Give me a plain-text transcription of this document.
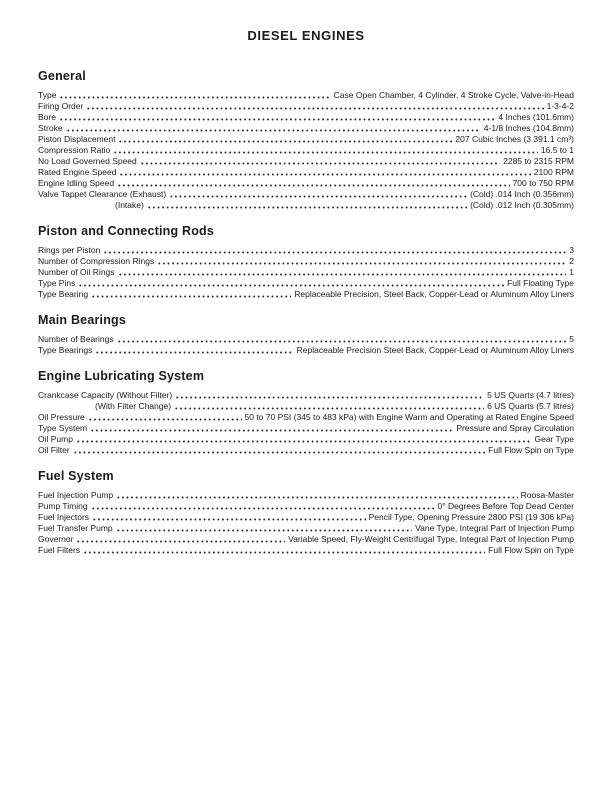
DIESEL ENGINES
General
Type	Case Open Chamber, 4 Cylinder, 4 Stroke Cycle, Valve-in-Head
Firing Order	1-3-4-2
Bore	4 Inches (101.6mm)
Stroke	4-1/8 Inches (104.8mm)
Piston Displacement	207 Cubic Inches (3 391.1 cm³)
Compression Ratio	16.5 to 1
No Load Governed Speed	2285 to 2315 RPM
Rated Engine Speed	2100 RPM
Engine Idling Speed	700 to 750 RPM
Valve Tappet Clearance (Exhaust)	(Cold) .014 Inch (0.356mm)
(Intake)	(Cold) .012 Inch (0.305mm)
Piston and Connecting Rods
Rings per Piston	3
Number of Compression Rings	2
Number of Oil Rings	1
Type Pins	Full Floating Type
Type Bearing	Replaceable Precision, Steel Back, Copper-Lead or Aluminum Alloy Liners
Main Bearings
Number of Bearings	5
Type Bearings	Replaceable Precision Steel Back, Copper-Lead or Aluminum Alloy Liners
Engine Lubricating System
Crankcase Capacity (Without Filter)	5 US Quarts (4.7 litres)
(With Filter Change)	6 US Quarts (5.7 litres)
Oil Pressure	50 to 70 PSI (345 to 483 kPa) with Engine Warm and Operating at Rated Engine Speed
Type System	Pressure and Spray Circulation
Oil Pump	Gear Type
Oil Filter	Full Flow Spin on Type
Fuel System
Fuel Injection Pump	Roosa-Master
Pump Timing	0° Degrees Before Top Dead Center
Fuel Injectors	Pencil Type, Opening Pressure 2800 PSI (19 306 kPa)
Fuel Transfer Pump	Vane Type, Integral Part of Injection Pump
Governor	Variable Speed, Fly-Weight Centrifugal Type, Integral Part of Injection Pump
Fuel Filters	Full Flow Spin on Type
